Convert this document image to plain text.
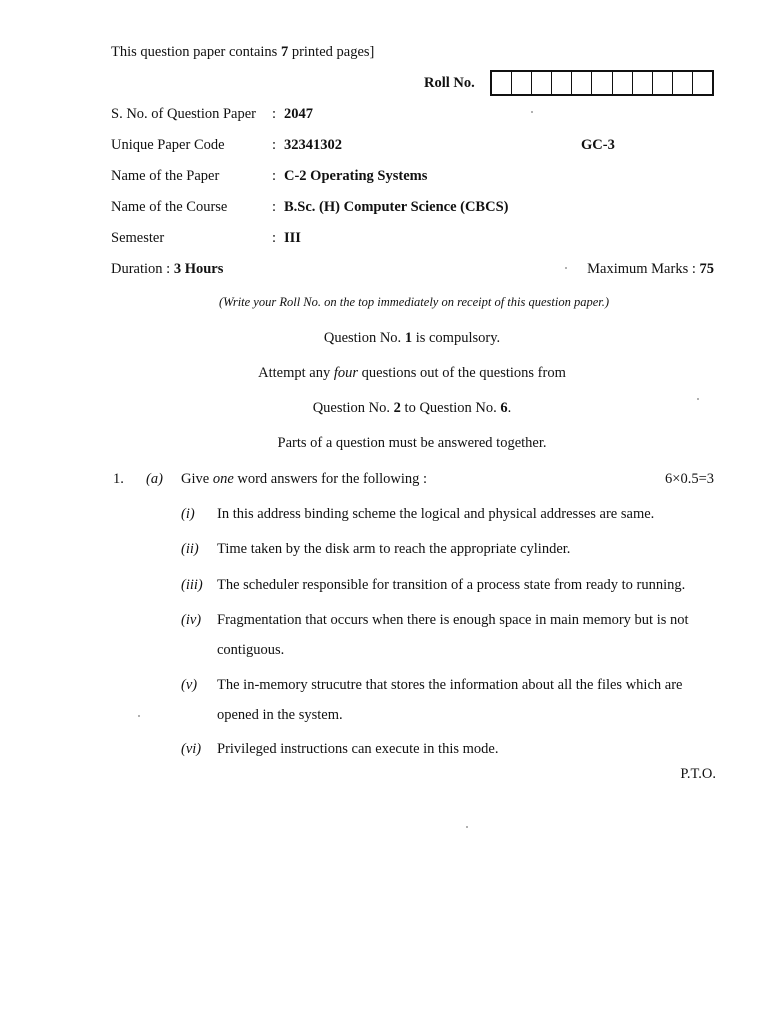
This question paper contains 7 printed pages]
Roll No.
S. No. of Question Paper : 2047
Unique Paper Code	: 32341302	GC-3
Name of the Paper	: C-2 Operating Systems
Name of the Course	: B.Sc. (H) Computer Science (CBCS)
Semester	: III
Duration : 3 Hours	Maximum Marks : 75
(Write your Roll No. on the top immediately on receipt of this question paper.)
Question No. 1 is compulsory.
Attempt any four questions out of the questions from
Question No. 2 to Question No. 6.
Parts of a question must be answered together.
1. (a) Give one word answers for the following :	6×0.5=3
(i) In this address binding scheme the logical and physical addresses are same.
(ii) Time taken by the disk arm to reach the appropriate cylinder.
(iii) The scheduler responsible for transition of a process state from ready to running.
(iv) Fragmentation that occurs when there is enough space in main memory but is not
contiguous.
(v) The in-memory strucutre that stores the information about all the files which are
opened in the system.
(vi) Privileged instructions can execute in this mode.
P.T.O.
